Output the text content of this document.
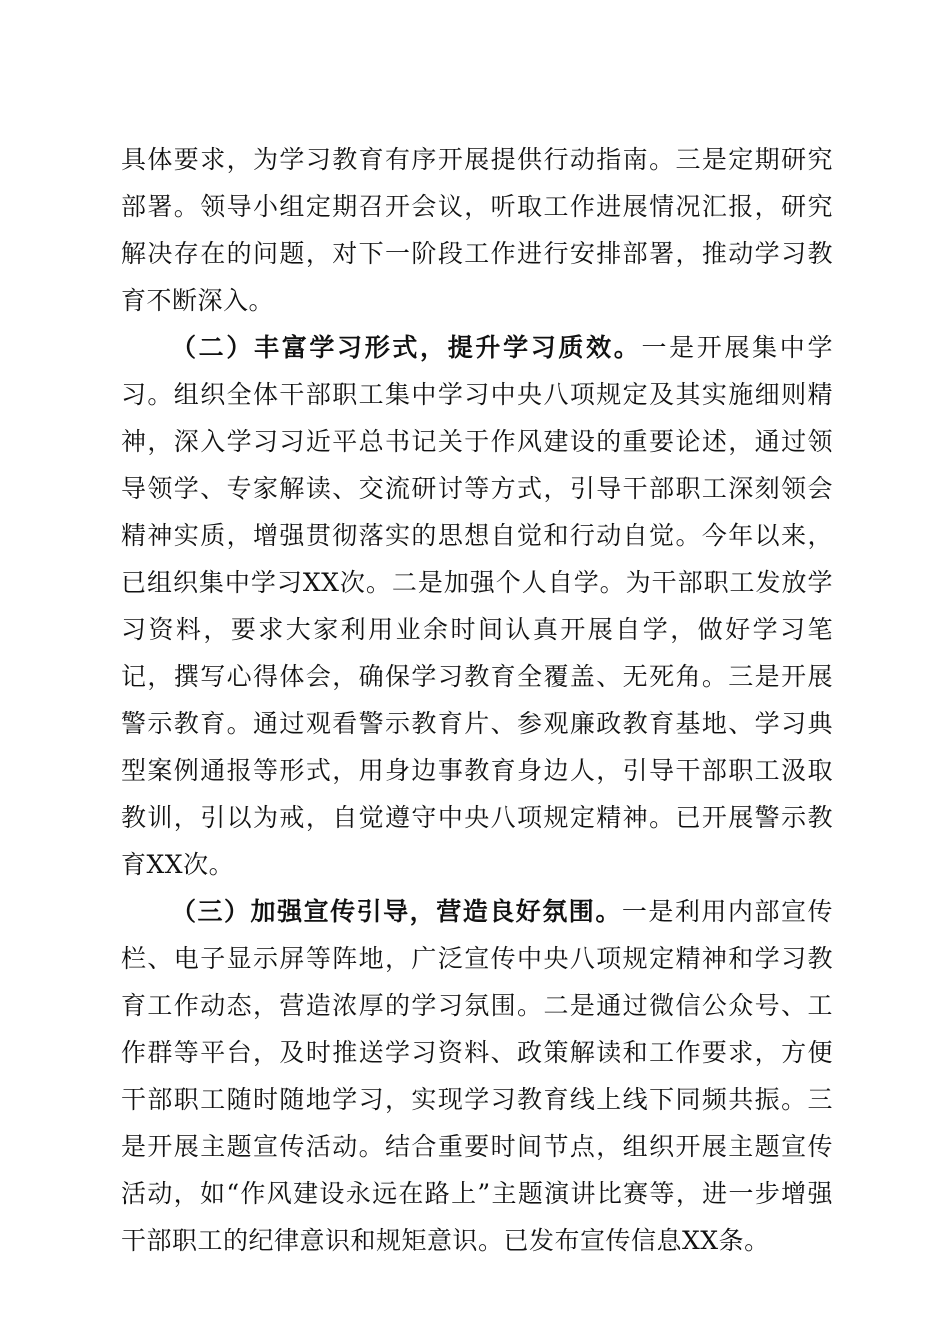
具体要求，为学习教育有序开展提供行动指南。三是定期研究部署。领导小组定期召开会议，听取工作进展情况汇报，研究解决存在的问题，对下一阶段工作进行安排部署，推动学习教育不断深入。

（二）丰富学习形式，提升学习质效。一是开展集中学习。组织全体干部职工集中学习中央八项规定及其实施细则精神，深入学习习近平总书记关于作风建设的重要论述，通过领导领学、专家解读、交流研讨等方式，引导干部职工深刻领会精神实质，增强贯彻落实的思想自觉和行动自觉。今年以来，已组织集中学习XX次。二是加强个人自学。为干部职工发放学习资料，要求大家利用业余时间认真开展自学，做好学习笔记，撰写心得体会，确保学习教育全覆盖、无死角。三是开展警示教育。通过观看警示教育片、参观廉政教育基地、学习典型案例通报等形式，用身边事教育身边人，引导干部职工汲取教训，引以为戒，自觉遵守中央八项规定精神。已开展警示教育XX次。

（三）加强宣传引导，营造良好氛围。一是利用内部宣传栏、电子显示屏等阵地，广泛宣传中央八项规定精神和学习教育工作动态，营造浓厚的学习氛围。二是通过微信公众号、工作群等平台，及时推送学习资料、政策解读和工作要求，方便干部职工随时随地学习，实现学习教育线上线下同频共振。三是开展主题宣传活动。结合重要时间节点，组织开展主题宣传活动，如“作风建设永远在路上”主题演讲比赛等，进一步增强干部职工的纪律意识和规矩意识。已发布宣传信息XX条。
